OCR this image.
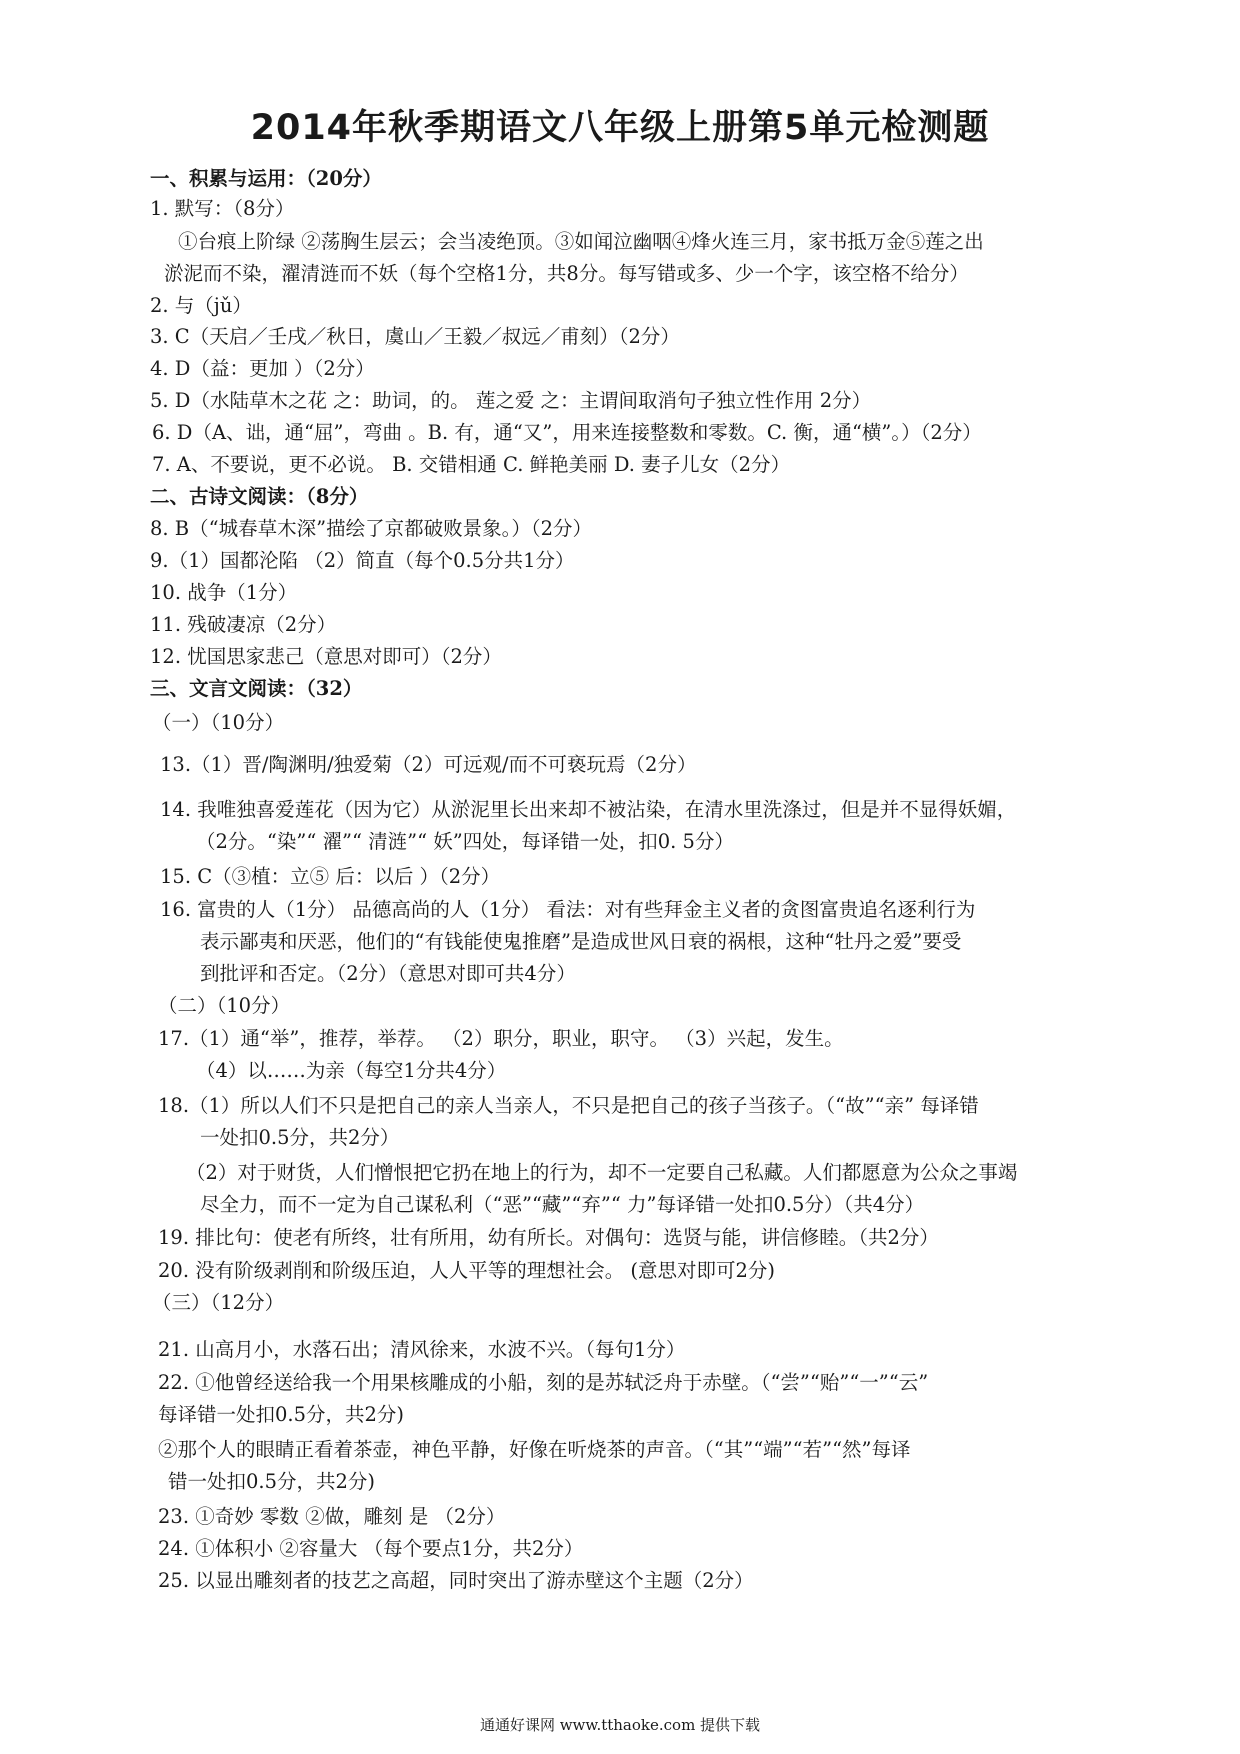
2014年秋季期语文八年级上册第5单元检测题
一、积累与运用：（20分）
1. 默写：（8分）
①台痕上阶绿 ②荡胸生层云；会当凌绝顶。③如闻泣幽咽④烽火连三月，家书抵万金⑤莲之出
淤泥而不染，濯清涟而不妖（每个空格1分，共8分。每写错或多、少一个字，该空格不给分）
2. 与（jǔ）
3. C（天启／壬戌／秋日，虞山／王毅／叔远／甫刻）（2分）
4. D（益：更加 ）（2分）
5. D（水陆草木之花 之：助词，的。 莲之爱 之：主谓间取消句子独立性作用 2分）
6. D（A、诎，通“屈”，弯曲 。B. 有，通“又”，用来连接整数和零数。C. 衡，通“横”。）（2分）
7. A、不要说，更不必说。 B. 交错相通 C. 鲜艳美丽 D. 妻子儿女（2分）
二、古诗文阅读：（8分）
8. B（“城春草木深”描绘了京都破败景象。）（2分）
9.（1）国都沦陷 （2）简直（每个0.5分共1分）
10. 战争（1分）
11. 残破凄凉（2分）
12. 忧国思家悲己（意思对即可）（2分）
三、文言文阅读：（32）
（一）（10分）
13.（1）晋/陶渊明/独爱菊（2）可远观/而不可亵玩焉（2分）
14. 我唯独喜爱莲花（因为它）从淤泥里长出来却不被沾染，在清水里洗涤过，但是并不显得妖媚，
（2分。“染”“ 濯”“ 清涟”“ 妖”四处，每译错一处，扣0. 5分）
15. C（③植：立⑤ 后：以后 ）（2分）
16. 富贵的人（1分） 品德高尚的人（1分） 看法：对有些拜金主义者的贪图富贵追名逐利行为
表示鄙夷和厌恶，他们的“有钱能使鬼推磨”是造成世风日衰的祸根，这种“牡丹之爱”要受
到批评和否定。（2分）（意思对即可共4分）
（二）（10分）
17.（1）通“举”，推荐，举荐。 （2）职分，职业，职守。 （3）兴起，发生。
（4）以……为亲（每空1分共4分）
18.（1）所以人们不只是把自己的亲人当亲人，不只是把自己的孩子当孩子。（“故”“亲” 每译错
一处扣0.5分，共2分）
（2）对于财货，人们憎恨把它扔在地上的行为，却不一定要自己私藏。人们都愿意为公众之事竭
尽全力，而不一定为自己谋私利（“恶”“藏”“弃”“ 力”每译错一处扣0.5分）（共4分）
19. 排比句：使老有所终，壮有所用，幼有所长。对偶句：选贤与能，讲信修睦。（共2分）
20. 没有阶级剥削和阶级压迫，人人平等的理想社会。 (意思对即可2分)
（三）（12分）
21. 山高月小，水落石出；清风徐来，水波不兴。（每句1分）
22. ①他曾经送给我一个用果核雕成的小船，刻的是苏轼泛舟于赤壁。（“尝”“贻”“一”“云”
每译错一处扣0.5分，共2分)
②那个人的眼睛正看着茶壶，神色平静，好像在听烧茶的声音。（“其”“端”“若”“然”每译
错一处扣0.5分，共2分)
23. ①奇妙 零数 ②做，雕刻 是 （2分）
24. ①体积小 ②容量大 （每个要点1分，共2分）
25. 以显出雕刻者的技艺之高超，同时突出了游赤壁这个主题（2分）
通通好课网 www.tthaoke.com 提供下载
